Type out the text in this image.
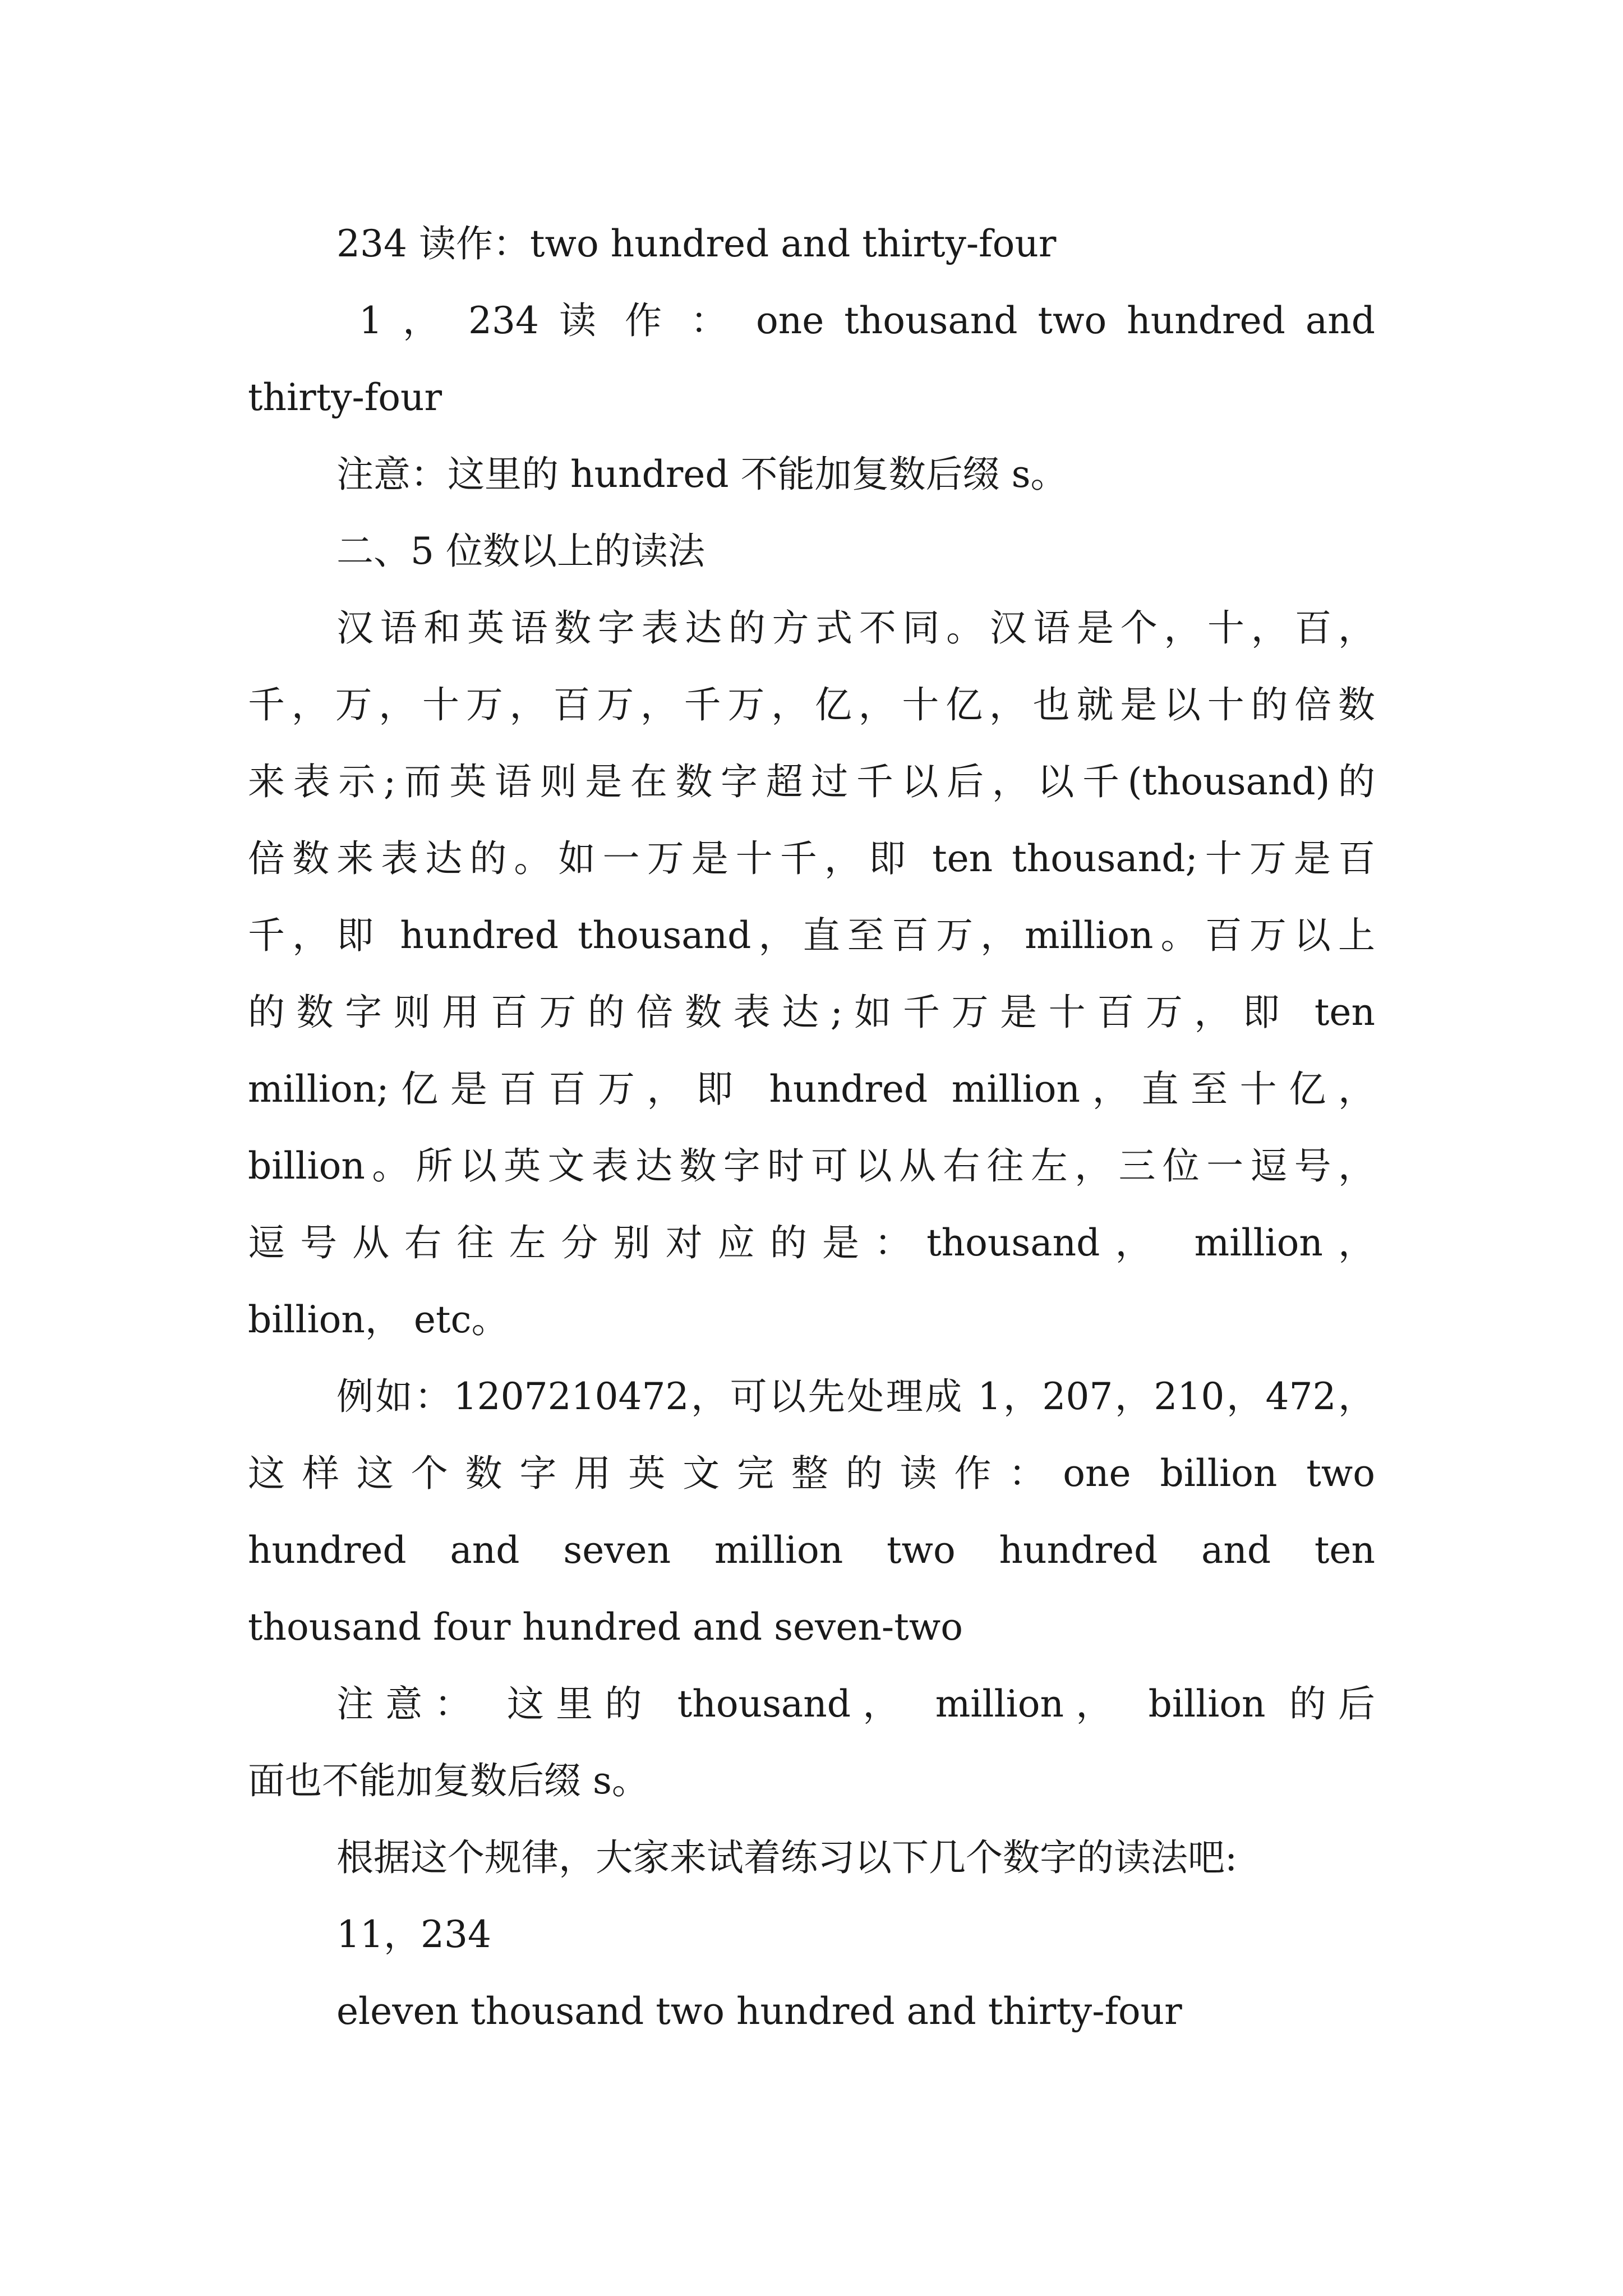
234 读作：two hundred and thirty-four
1 ， 234 读 作 ： one thousand two hundred and
thirty-four
注意：这里的 hundred 不能加复数后缀 s。
二、5 位数以上的读法
汉语和英语数字表达的方式不同。汉语是个，十，百，
千，万，十万，百万，千万，亿，十亿，也就是以十的倍数
来表示;而英语则是在数字超过千以后，以千(thousand)的
倍数来表达的。如一万是十千，即 ten thousand;十万是百
千，即 hundred thousand，直至百万，million。百万以上
的数字则用百万的倍数表达;如千万是十百万，即 ten
million;亿是百百万，即 hundred million，直至十亿，
billion。所以英文表达数字时可以从右往左，三位一逗号，
逗号从右往左分别对应的是：thousand， million，
billion， etc。
例如：1207210472，可以先处理成 1，207，210，472，
这样这个数字用英文完整的读作：one billion two
hundred and seven million two hundred and ten
thousand four hundred and seven-two
注意： 这里的 thousand， million， billion 的后
面也不能加复数后缀 s。
根据这个规律，大家来试着练习以下几个数字的读法吧:
11，234
eleven thousand two hundred and thirty-four
